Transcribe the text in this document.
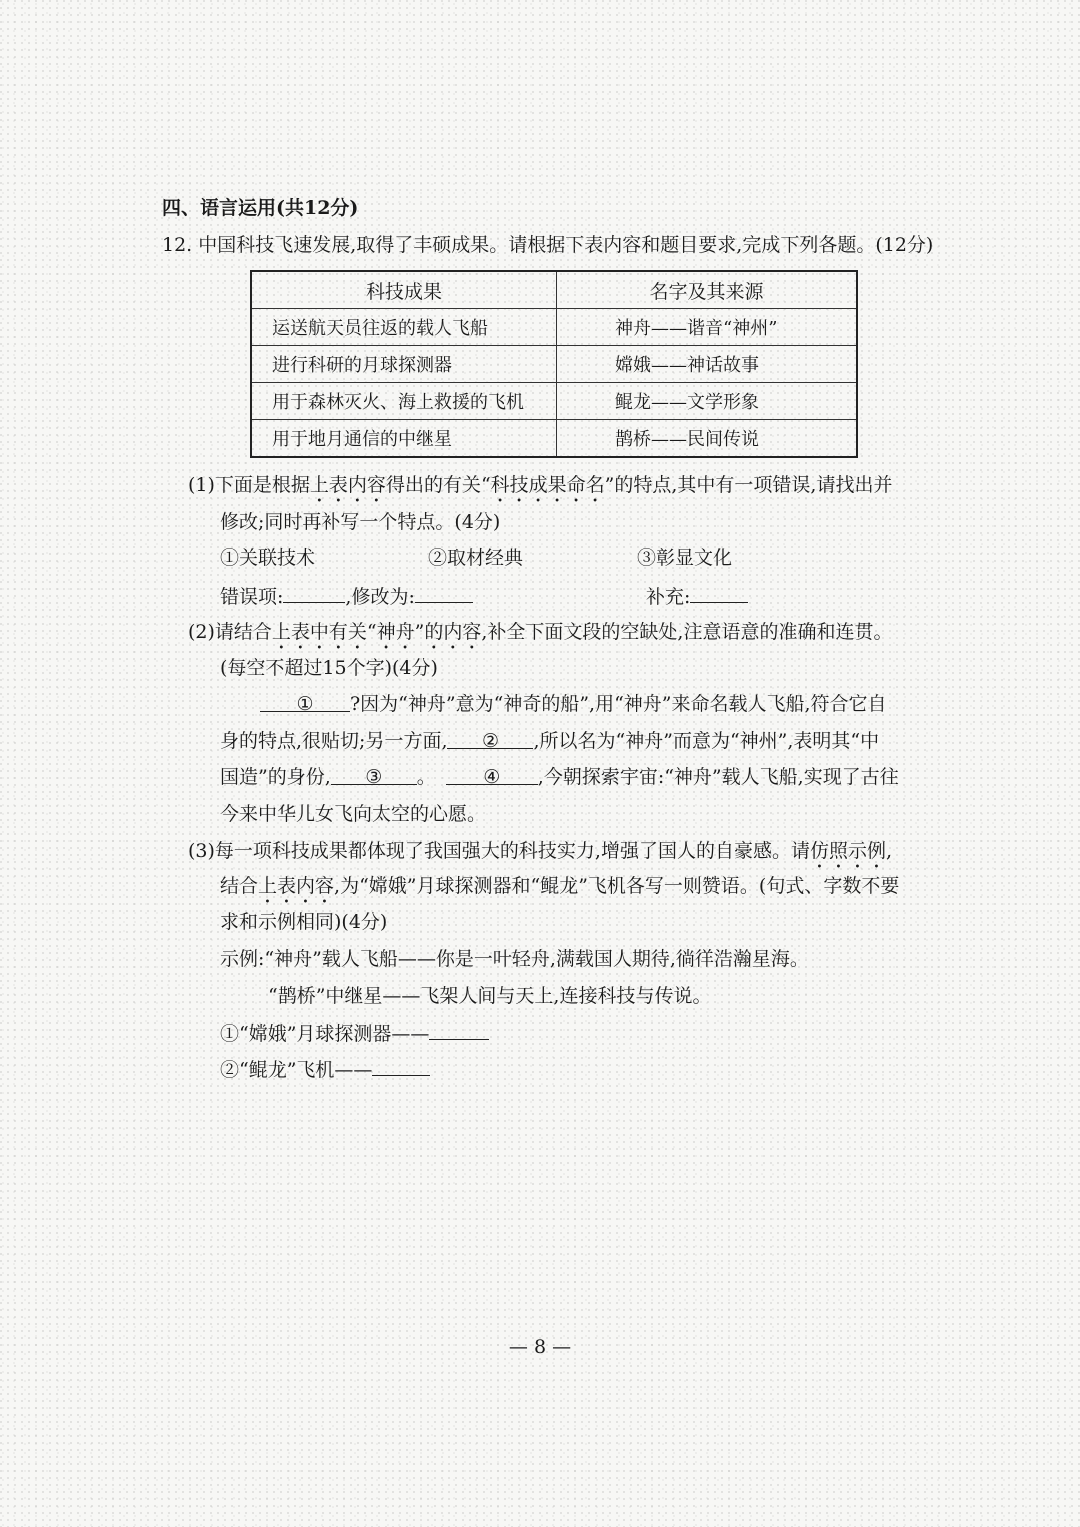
四、语言运用(共12分)
12. 中国科技飞速发展,取得了丰硕成果。请根据下表内容和题目要求,完成下列各题。(12分)
科技成果	名字及其来源
运送航天员往返的载人飞船	神舟——谐音“神州”
进行科研的月球探测器	嫦娥——神话故事
用于森林灭火、海上救援的飞机	鲲龙——文学形象
用于地月通信的中继星	鹊桥——民间传说
(1)下面是根据上表内容得出的有关“科技成果命名”的特点,其中有一项错误,请找出并
修改;同时再补写一个特点。(4分)
①关联技术	②取材经典	③彰显文化
错误项:	,修改为:	补充:
(2)请结合上表中有关“神舟”的内容,补全下面文段的空缺处,注意语意的准确和连贯。
(每空不超过15个字)(4分)
① ?因为“神舟”意为“神奇的船”,用“神舟”来命名载人飞船,符合它自
身的特点,很贴切;另一方面, ② ,所以名为“神舟”而意为“神州”,表明其“中
国造”的身份, ③ 。 ④ ,今朝探索宇宙:“神舟”载人飞船,实现了古往
今来中华儿女飞向太空的心愿。
(3)每一项科技成果都体现了我国强大的科技实力,增强了国人的自豪感。请仿照示例,
结合上表内容,为“嫦娥”月球探测器和“鲲龙”飞机各写一则赞语。(句式、字数不要
求和示例相同)(4分)
示例:“神舟”载人飞船——你是一叶轻舟,满载国人期待,徜徉浩瀚星海。
“鹊桥”中继星——飞架人间与天上,连接科技与传说。
①“嫦娥”月球探测器——
②“鲲龙”飞机——
— 8 —
